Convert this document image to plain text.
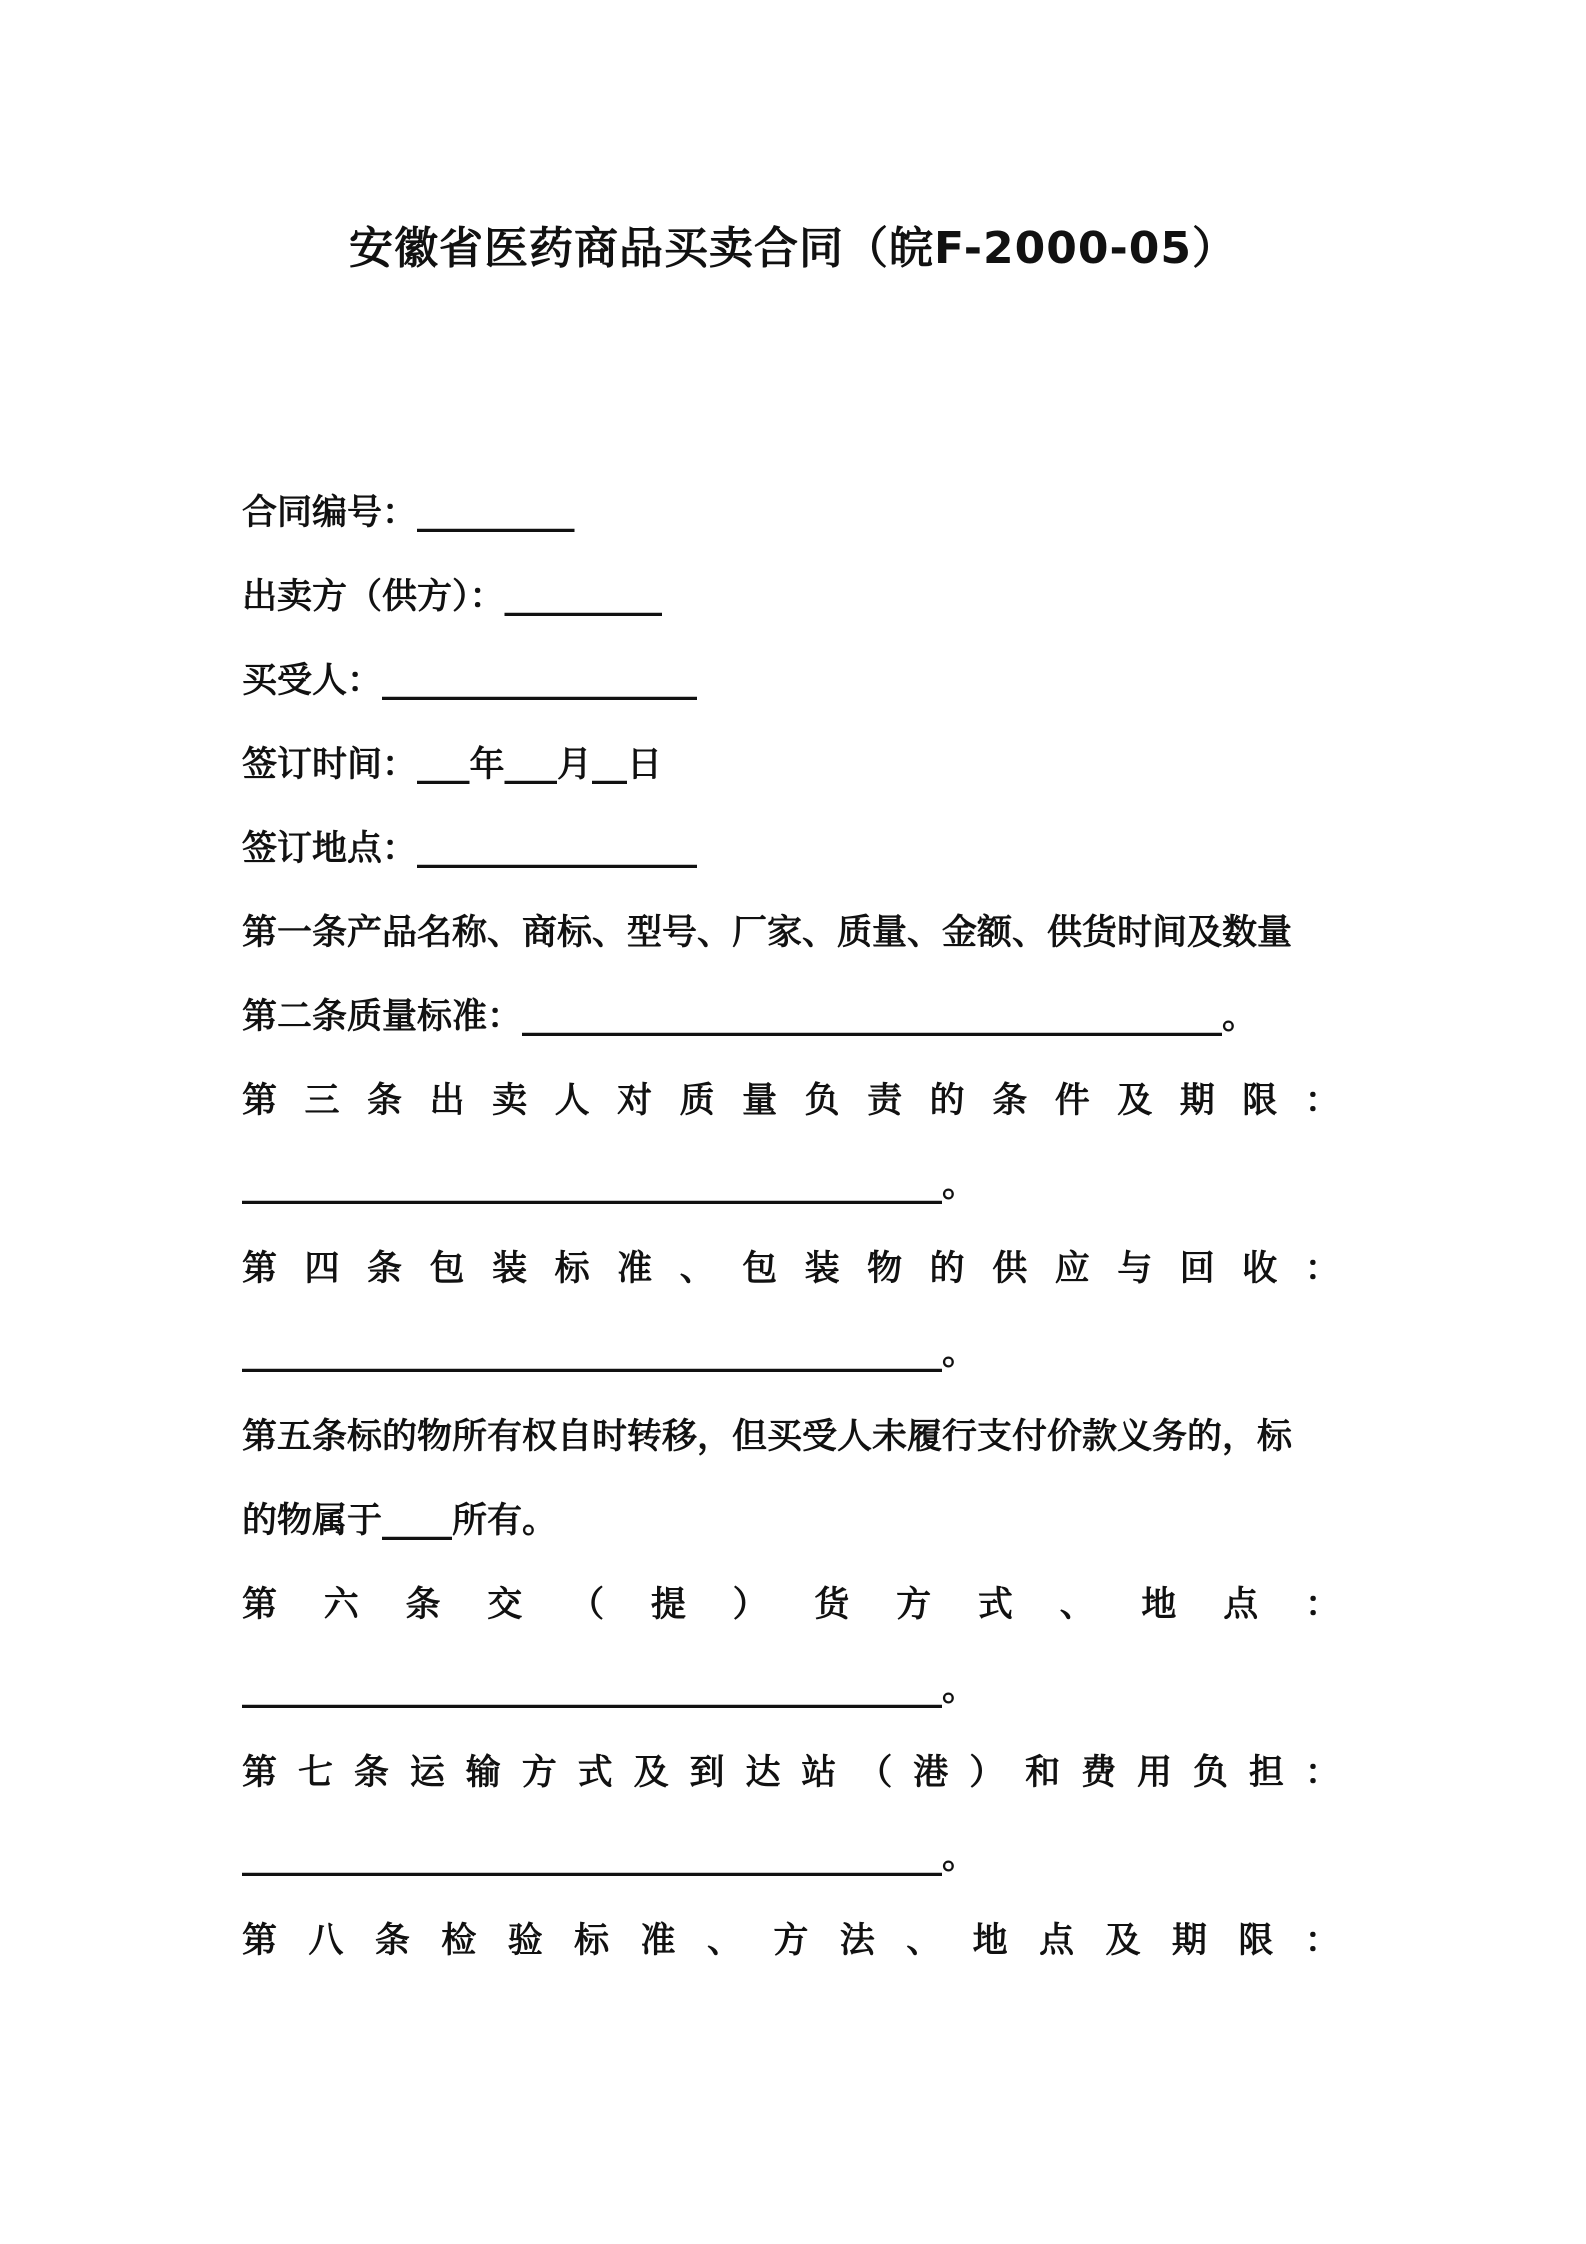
安徽省医药商品买卖合同（皖F-2000-05）
合同编号：_________
出卖方（供方）：_________
买受人：__________________
签订时间：___年___月__日
签订地点：________________
第一条产品名称、商标、型号、厂家、质量、金额、供货时间及数量
第二条质量标准：________________________________________。
第 三 条 出 卖 人 对 质 量 负 责 的 条 件 及 期 限 ：
________________________________________。
第 四 条 包 装 标 准 、 包 装 物 的 供 应 与 回 收 ：
________________________________________。
第五条标的物所有权自时转移，但买受人未履行支付价款义务的，标
的物属于____所有。
第 六 条 交 （ 提 ） 货 方 式 、 地 点 ：
________________________________________。
第 七 条 运 输 方 式 及 到 达 站 （ 港 ） 和 费 用 负 担 ：
________________________________________。
第 八 条 检 验 标 准 、 方 法 、 地 点 及 期 限 ：
